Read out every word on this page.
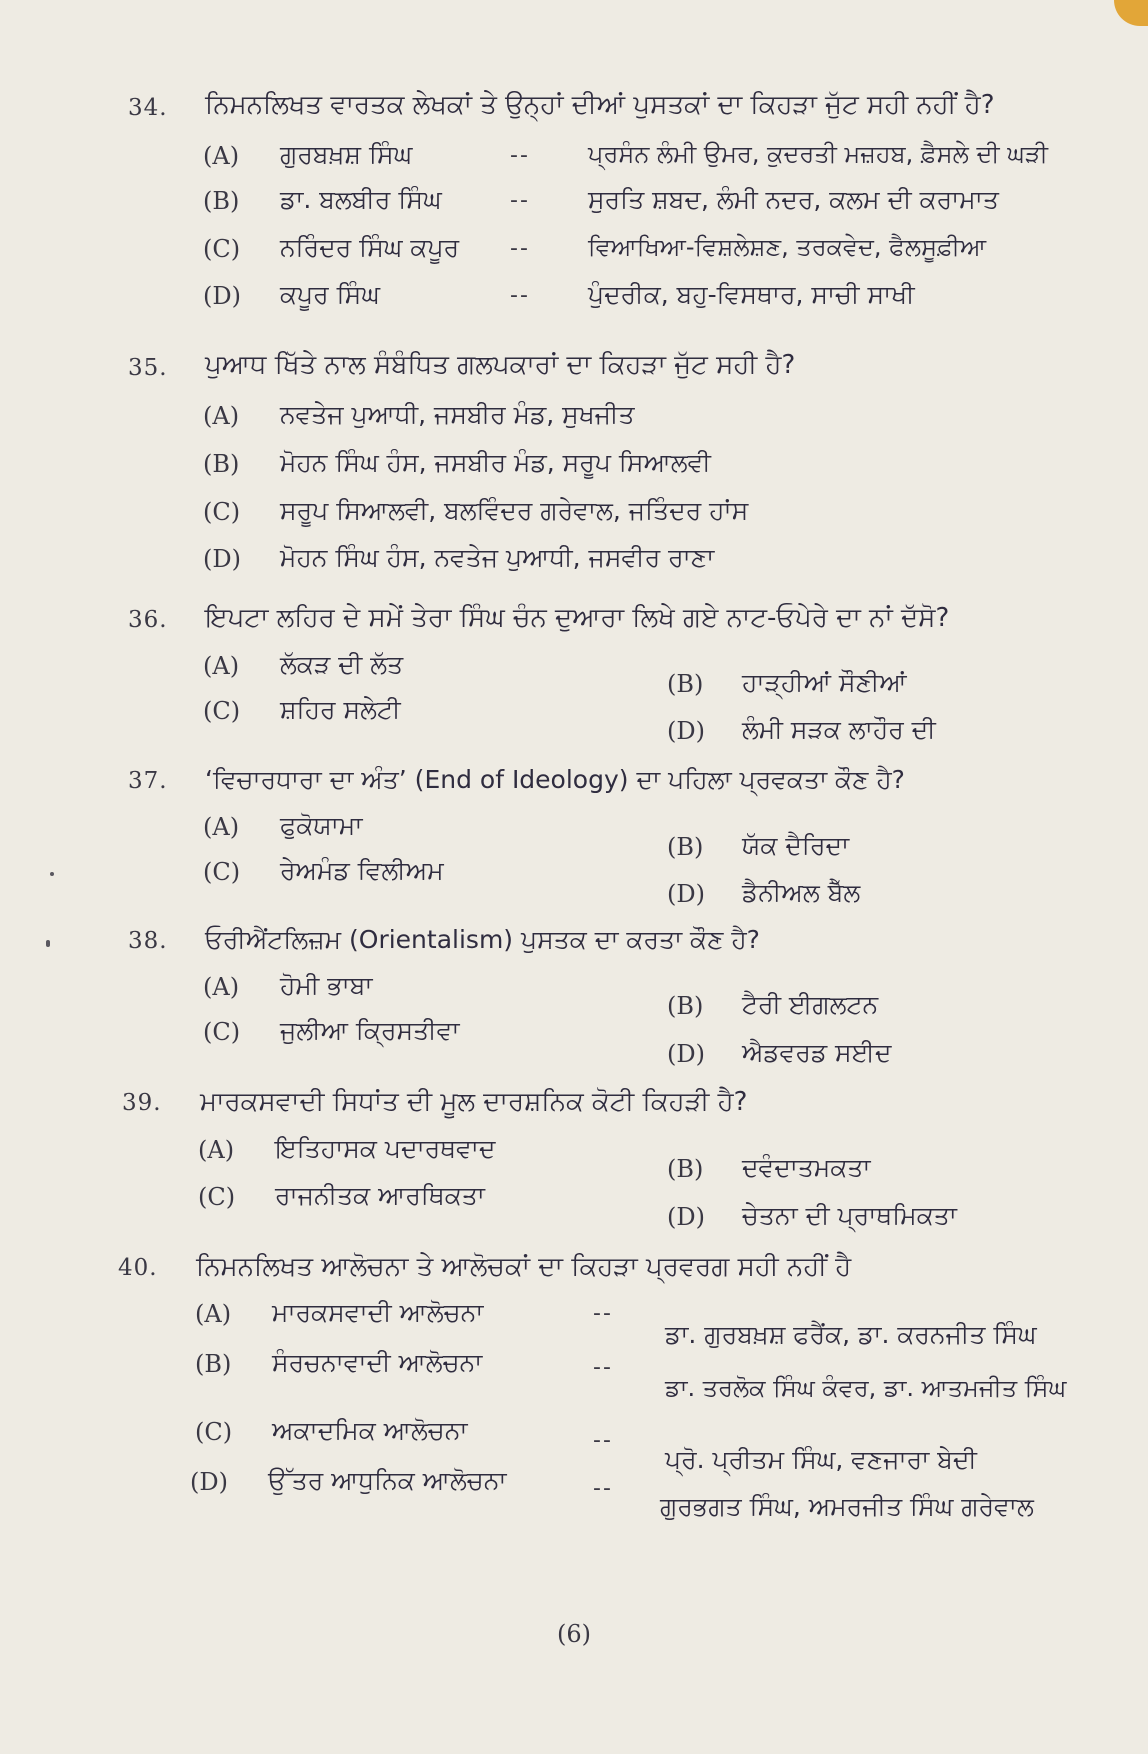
34. ਨਿਮਨਲਿਖਤ ਵਾਰਤਕ ਲੇਖਕਾਂ ਤੇ ਉਨ੍ਹਾਂ ਦੀਆਂ ਪੁਸਤਕਾਂ ਦਾ ਕਿਹੜਾ ਜੁੱਟ ਸਹੀ ਨਹੀਂ ਹੈ?
(A) ਗੁਰਬਖ਼ਸ਼ ਸਿੰਘ	-- ਪ੍ਰਸੰਨ ਲੰਮੀ ਉਮਰ, ਕੁਦਰਤੀ ਮਜ਼ਹਬ, ਫ਼ੈਸਲੇ ਦੀ ਘੜੀ
(B) ਡਾ. ਬਲਬੀਰ ਸਿੰਘ	-- ਸੁਰਤਿ ਸ਼ਬਦ, ਲੰਮੀ ਨਦਰ, ਕਲਮ ਦੀ ਕਰਾਮਾਤ
(C) ਨਰਿੰਦਰ ਸਿੰਘ ਕਪੂਰ -- ਵਿਆਖਿਆ-ਵਿਸ਼ਲੇਸ਼ਣ, ਤਰਕਵੇਦ, ਫੈਲਸੂਫ਼ੀਆ
(D) ਕਪੂਰ ਸਿੰਘ	-- ਪੁੰਦਰੀਕ, ਬਹੁ-ਵਿਸਥਾਰ, ਸਾਚੀ ਸਾਖੀ
35. ਪੁਆਧ ਖਿੱਤੇ ਨਾਲ ਸੰਬੰਧਿਤ ਗਲਪਕਾਰਾਂ ਦਾ ਕਿਹੜਾ ਜੁੱਟ ਸਹੀ ਹੈ?
(A) ਨਵਤੇਜ ਪੁਆਧੀ, ਜਸਬੀਰ ਮੰਡ, ਸੁਖਜੀਤ
(B) ਮੋਹਨ ਸਿੰਘ ਹੰਸ, ਜਸਬੀਰ ਮੰਡ, ਸਰੂਪ ਸਿਆਲਵੀ
(C) ਸਰੂਪ ਸਿਆਲਵੀ, ਬਲਵਿੰਦਰ ਗਰੇਵਾਲ, ਜਤਿੰਦਰ ਹਾਂਸ
(D) ਮੋਹਨ ਸਿੰਘ ਹੰਸ, ਨਵਤੇਜ ਪੁਆਧੀ, ਜਸਵੀਰ ਰਾਣਾ
36. ਇਪਟਾ ਲਹਿਰ ਦੇ ਸਮੇਂ ਤੇਰਾ ਸਿੰਘ ਚੰਨ ਦੁਆਰਾ ਲਿਖੇ ਗਏ ਨਾਟ-ਓਪੇਰੇ ਦਾ ਨਾਂ ਦੱਸੋ?
(A) ਲੱਕੜ ਦੀ ਲੱਤ
(B) ਹਾੜ੍ਹੀਆਂ ਸੌਣੀਆਂ
(C) ਸ਼ਹਿਰ ਸਲੇਟੀ
(D) ਲੰਮੀ ਸੜਕ ਲਾਹੌਰ ਦੀ
37. ‘ਵਿਚਾਰਧਾਰਾ ਦਾ ਅੰਤ’ (End of Ideology) ਦਾ ਪਹਿਲਾ ਪ੍ਰਵਕਤਾ ਕੌਣ ਹੈ?
(A) ਫੁਕੋਯਾਮਾ
(B) ਯੱਕ ਦੈਰਿਦਾ
(C) ਰੇਅਮੰਡ ਵਿਲੀਅਮ
(D) ਡੈਨੀਅਲ ਬੈੱਲ
38. ਓਰੀਐਂਟਲਿਜ਼ਮ (Orientalism) ਪੁਸਤਕ ਦਾ ਕਰਤਾ ਕੌਣ ਹੈ?
(A) ਹੋਮੀ ਭਾਬਾ
(B) ਟੈਰੀ ਈਗਲਟਨ
(C) ਜੁਲੀਆ ਕ੍ਰਿਸਤੀਵਾ
(D) ਐਡਵਰਡ ਸਈਦ
39. ਮਾਰਕਸਵਾਦੀ ਸਿਧਾਂਤ ਦੀ ਮੂਲ ਦਾਰਸ਼ਨਿਕ ਕੋਟੀ ਕਿਹੜੀ ਹੈ?
(A) ਇਤਿਹਾਸਕ ਪਦਾਰਥਵਾਦ
(B) ਦਵੰਦਾਤਮਕਤਾ
(C) ਰਾਜਨੀਤਕ ਆਰਥਿਕਤਾ
(D) ਚੇਤਨਾ ਦੀ ਪ੍ਰਾਥਮਿਕਤਾ
40. ਨਿਮਨਲਿਖਤ ਆਲੋਚਨਾ ਤੇ ਆਲੋਚਕਾਂ ਦਾ ਕਿਹੜਾ ਪ੍ਰਵਰਗ ਸਹੀ ਨਹੀਂ ਹੈ
(A) ਮਾਰਕਸਵਾਦੀ ਆਲੋਚਨਾ	--
ਡਾ. ਗੁਰਬਖ਼ਸ਼ ਫਰੈਂਕ, ਡਾ. ਕਰਨਜੀਤ ਸਿੰਘ
(B) ਸੰਰਚਨਾਵਾਦੀ ਆਲੋਚਨਾ	--
ਡਾ. ਤਰਲੋਕ ਸਿੰਘ ਕੰਵਰ, ਡਾ. ਆਤਮਜੀਤ ਸਿੰਘ
(C) ਅਕਾਦਮਿਕ ਆਲੋਚਨਾ	--
ਪ੍ਰੋ. ਪ੍ਰੀਤਮ ਸਿੰਘ, ਵਣਜਾਰਾ ਬੇਦੀ
(D) ਉੱਤਰ ਆਧੁਨਿਕ ਆਲੋਚਨਾ	--
ਗੁਰਭਗਤ ਸਿੰਘ, ਅਮਰਜੀਤ ਸਿੰਘ ਗਰੇਵਾਲ
(6)
